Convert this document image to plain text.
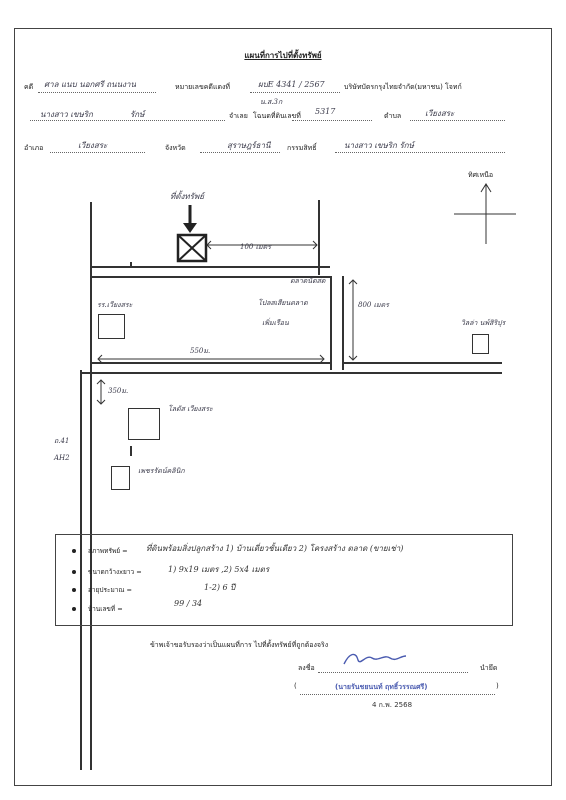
แผนที่การไปที่ตั้งทรัพย์
คดี ศาล แนบ นอกศรี ถนนงาน	หมายเลขคดีแดงที่	ผบE 4341 / 2567	บริษัทบัตรกรุงไทยจำกัด(มหาชน) โจทก์
นางสาว เขษริก	รักษ์	จำเลย
น.ส.3ก
โฉนดที่ดินเลขที่ 5317	ตำบล	เวียงสระ
อำเภอ	เวียงสระ	จังหวัด	สุราษฎร์ธานี กรรมสิทธิ์	นางสาว เขษริก รักษ์
ทิศเหนือ
ที่ตั้งทรัพย์
100 เมตร
800 เมตร
550ม.
350ม.
รร.เวียงสระ
ตลาดนัดสด
โปลสเสียนตลาด
เพิ่มเรือน	วิลล่า นพ์สิริปุร
โลตัส เวียงสระ
เพชรรัตน์คลินิก
ถ.41
AH2
สภาพทรัพย์ = ที่ดินพร้อมสิ่งปลูกสร้าง 1) บ้านเดี่ยวชั้นเดียว 2) โครงสร้าง ตลาด (ขายเช่า)
ขนาดกว้างxยาว =	1) 9x19 เมตร ,2) 5x4 เมตร
อายุประมาณ =	1-2) 6 ปี
บ้านเลขที่ =
99 / 34
ข้าพเจ้าขอรับรองว่าเป็นแผนที่การ ไปที่ตั้งทรัพย์ที่ถูกต้องจริง
ลงชื่อ	นำยึด
(	(นายรันชยนนท์ ฤทธิ์วรรณศรี)	)
4 ก.พ. 2568
